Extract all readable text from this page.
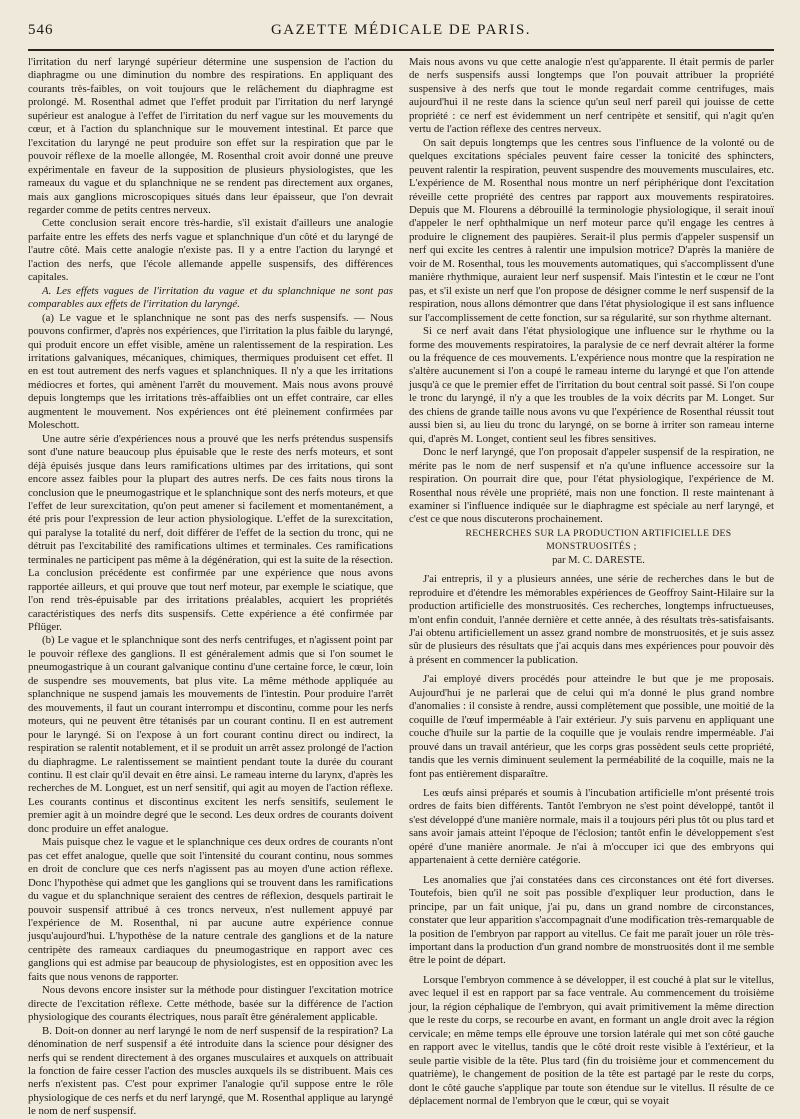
546	GAZETTE MÉDICALE DE PARIS.

l'irritation du nerf laryngé supérieur détermine une suspension de l'action du diaphragme ou une diminution du nombre des respirations. En appliquant des courants très-faibles, on voit toujours que le relâchement du diaphragme est prolongé. M. Rosenthal admet que l'effet produit par l'irritation du nerf laryngé supérieur est analogue à l'effet de l'irritation du nerf vague sur les mouvements du cœur, et à l'action du splanchnique sur le mouvement intestinal. Et parce que l'excitation du laryngé ne peut produire son effet sur la respiration que par le pouvoir réflexe de la moelle allongée, M. Rosenthal croit avoir donné une preuve expérimentale en faveur de la supposition de plusieurs physiologistes, que les rameaux du vague et du splanchnique ne se rendent pas directement aux organes, mais aux ganglions microscopiques situés dans leur épaisseur, que l'on devrait regarder comme de petits centres nerveux.

Cette conclusion serait encore très-hardie, s'il existait d'ailleurs une analogie parfaite entre les effets des nerfs vague et splanchnique d'un côté et du laryngé de l'autre côté. Mais cette analogie n'existe pas. Il y a entre l'action du laryngé et l'action des nerfs, que l'école allemande appelle suspensifs, des différences capitales.

A. Les effets vagues de l'irritation du vague et du splanchnique ne sont pas comparables aux effets de l'irritation du laryngé.

(a) Le vague et le splanchnique ne sont pas des nerfs suspensifs. — Nous pouvons confirmer, d'après nos expériences, que l'irritation la plus faible du laryngé, qui produit encore un effet visible, amène un ralentissement de la respiration. Les irritations galvaniques, mécaniques, chimiques, thermiques produisent cet effet. Il en est tout autrement des nerfs vagues et splanchniques. Il n'y a que les irritations médiocres et fortes, qui amènent l'arrêt du mouvement. Mais nous avons prouvé depuis longtemps que les irritations très-affaiblies ont un effet contraire, car elles augmentent le mouvement. Nos expériences ont été pleinement confirmées par Moleschott.

Une autre série d'expériences nous a prouvé que les nerfs prétendus suspensifs sont d'une nature beaucoup plus épuisable que le reste des nerfs moteurs, et sont déjà épuisés jusque dans leurs ramifications ultimes par des irritations, qui sont encore assez faibles pour la plupart des autres nerfs. De ces faits nous tirons la conclusion que le pneumogastrique et le splanchnique sont des nerfs moteurs, et que l'effet de leur surexcitation, qu'on peut amener si facilement et momentanément, a été pris pour l'expression de leur action physiologique. L'effet de la surexcitation, qui paralyse la totalité du nerf, doit différer de l'effet de la section du tronc, qui ne détruit pas l'excitabilité des ramifications ultimes et terminales. Ces ramifications terminales ne participent pas même à la dégénération, qui est la suite de la résection. La conclusion précédente est confirmée par une expérience que nous avons rapportée ailleurs, et qui prouve que tout nerf moteur, par exemple le sciatique, que l'on rend très-épuisable par des irritations préalables, acquiert les propriétés caractéristiques des nerfs dits suspensifs. Cette expérience a été confirmée par Pflüger.

(b) Le vague et le splanchnique sont des nerfs centrifuges, et n'agissent point par le pouvoir réflexe des ganglions. Il est généralement admis que si l'on soumet le pneumogastrique à un courant galvanique continu d'une certaine force, le cœur, loin de suspendre ses mouvements, bat plus vite. La même méthode appliquée au splanchnique ne suspend jamais les mouvements de l'intestin. Pour produire l'arrêt des mouvements, il faut un courant interrompu et discontinu, comme pour les nerfs moteurs, qui ne peuvent être tétanisés par un courant continu. Il en est autrement pour le laryngé. Si on l'expose à un fort courant continu direct ou indirect, la respiration se ralentit notablement, et il se produit un arrêt assez prolongé de l'action du diaphragme. Le ralentissement se maintient pendant toute la durée du courant continu. Il est clair qu'il devait en être ainsi. Le rameau interne du larynx, d'après les recherches de M. Longuet, est un nerf sensitif, qui agit au moyen de l'action réflexe. Les courants continus et discontinus excitent les nerfs sensitifs, seulement le premier agit à un moindre degré que le second. Les deux ordres de courants doivent donc produire un effet analogue.

Mais puisque chez le vague et le splanchnique ces deux ordres de courants n'ont pas cet effet analogue, quelle que soit l'intensité du courant continu, nous sommes en droit de conclure que ces nerfs n'agissent pas au moyen d'une action réflexe. Donc l'hypothèse qui admet que les ganglions qui se trouvent dans les ramifications du vague et du splanchnique seraient des centres de réflexion, desquels partirait le pouvoir suspensif attribué à ces troncs nerveux, n'est nullement appuyé par l'expérience de M. Rosenthal, ni par aucune autre expérience connue jusqu'aujourd'hui. L'hypothèse de la nature centrale des ganglions et de la nature centripète des rameaux cardiaques du pneumogastrique en rapport avec ces ganglions qui est admise par beaucoup de physiologistes, est en opposition avec les faits que nous venons de rapporter.

Nous devons encore insister sur la méthode pour distinguer l'excitation motrice directe de l'excitation réflexe. Cette méthode, basée sur la différence de l'action physiologique des courants électriques, nous paraît être généralement applicable.

B. Doit-on donner au nerf laryngé le nom de nerf suspensif de la respiration? La dénomination de nerf suspensif a été introduite dans la science pour désigner des nerfs qui se rendent directement à des organes musculaires et auxquels on attribuait la fonction de faire cesser l'action des muscles auxquels ils se distribuent. Mais ces nerfs n'existent pas. C'est pour exprimer l'analogie qu'il suppose entre le rôle physiologique de ces nerfs et du nerf laryngé, que M. Rosenthal applique au laryngé le nom de nerf suspensif.

Mais nous avons vu que cette analogie n'est qu'apparente. Il était permis de parler de nerfs suspensifs aussi longtemps que l'on pouvait attribuer la propriété suspensive à des nerfs que tout le monde regardait comme centrifuges, mais aujourd'hui il ne reste dans la science qu'un seul nerf pareil qui jouisse de cette propriété : ce nerf est évidemment un nerf centripète et sensitif, qui n'agit qu'en vertu de l'action réflexe des centres nerveux.

On sait depuis longtemps que les centres sous l'influence de la volonté ou de quelques excitations spéciales peuvent faire cesser la tonicité des sphincters, peuvent ralentir la respiration, peuvent suspendre des mouvements musculaires, etc. L'expérience de M. Rosenthal nous montre un nerf périphérique dont l'excitation réveille cette propriété des centres par rapport aux mouvements respiratoires. Depuis que M. Flourens a débrouillé la terminologie physiologique, il serait inouï d'appeler le nerf ophthalmique un nerf moteur parce qu'il engage les centres à produire le clignement des paupières. Serait-il plus permis d'appeler suspensif un nerf qui excite les centres à ralentir une impulsion motrice? D'après la manière de voir de M. Rosenthal, tous les mouvements automatiques, qui s'accomplissent d'une manière rhythmique, auraient leur nerf suspensif. Mais l'intestin et le cœur ne l'ont pas, et s'il existe un nerf que l'on propose de désigner comme le nerf suspensif de la respiration, nous allons démontrer que dans l'état physiologique il est sans influence sur l'accomplissement de cette fonction, sur sa régularité, sur son rhythme alternant.

Si ce nerf avait dans l'état physiologique une influence sur le rhythme ou la forme des mouvements respiratoires, la paralysie de ce nerf devrait altérer la forme ou la fréquence de ces mouvements. L'expérience nous montre que la respiration ne s'altère aucunement si l'on a coupé le rameau interne du laryngé et que l'on attende jusqu'à ce que le premier effet de l'irritation du bout central soit passé. Si l'on coupe le tronc du laryngé, il n'y a que les troubles de la voix décrits par M. Longet. Sur des chiens de grande taille nous avons vu que l'expérience de Rosenthal réussit tout aussi bien si, au lieu du tronc du laryngé, on se borne à irriter son rameau interne qui, d'après M. Longet, contient seul les fibres sensitives.

Donc le nerf laryngé, que l'on proposait d'appeler suspensif de la respiration, ne mérite pas le nom de nerf suspensif et n'a qu'une influence accessoire sur la respiration. On pourrait dire que, pour l'état physiologique, l'expérience de M. Rosenthal nous révèle une propriété, mais non une fonction. Il reste maintenant à examiner si l'influence indiquée sur le diaphragme est spéciale au nerf laryngé, et c'est ce que nous discuterons prochainement.

RECHERCHES SUR LA PRODUCTION ARTIFICIELLE DES MONSTRUOSITÉS ;

par M. C. DARESTE.

J'ai entrepris, il y a plusieurs années, une série de recherches dans le but de reproduire et d'étendre les mémorables expériences de Geoffroy Saint-Hilaire sur la production artificielle des monstruosités. Ces recherches, longtemps infructueuses, m'ont enfin conduit, l'année dernière et cette année, à des résultats très-satisfaisants. J'ai obtenu artificiellement un assez grand nombre de monstruosités, et je suis assez sûr de plusieurs des résultats que j'ai acquis dans mes expériences pour pouvoir dès à présent en commencer la publication.

J'ai employé divers procédés pour atteindre le but que je me proposais. Aujourd'hui je ne parlerai que de celui qui m'a donné le plus grand nombre d'anomalies : il consiste à rendre, aussi complètement que possible, une moitié de la coquille de l'œuf imperméable à l'air extérieur. J'y suis parvenu en appliquant une couche d'huile sur la partie de la coquille que je voulais rendre imperméable. J'ai prouvé dans un travail antérieur, que les corps gras possèdent seuls cette propriété, tandis que les vernis diminuent seulement la perméabilité de la coquille, mais ne la font pas entièrement disparaître.

Les œufs ainsi préparés et soumis à l'incubation artificielle m'ont présenté trois ordres de faits bien différents. Tantôt l'embryon ne s'est point développé, tantôt il s'est développé d'une manière normale, mais il a toujours péri plus tôt ou plus tard et sans avoir jamais atteint l'époque de l'éclosion; tantôt enfin le développement s'est opéré d'une manière anormale. Je n'ai à m'occuper ici que des embryons qui appartenaient à cette dernière catégorie.

Les anomalies que j'ai constatées dans ces circonstances ont été fort diverses. Toutefois, bien qu'il ne soit pas possible d'expliquer leur production, dans le principe, par un fait unique, j'ai pu, dans un grand nombre de circonstances, constater que leur apparition s'accompagnait d'une modification très-remarquable de la position de l'embryon par rapport au vitellus. Ce fait me paraît jouer un rôle très-important dans la production d'un grand nombre de monstruosités dont il me semble être le point de départ.

Lorsque l'embryon commence à se développer, il est couché à plat sur le vitellus, avec lequel il est en rapport par sa face ventrale. Au commencement du troisième jour, la région céphalique de l'embryon, qui avait primitivement la même direction que le reste du corps, se recourbe en avant, en formant un angle droit avec la région cervicale; en même temps elle éprouve une torsion latérale qui met son côté gauche en rapport avec le vitellus, tandis que le côté droit reste visible à l'extérieur, et la seule partie visible de la tête. Plus tard (fin du troisième jour et commencement du quatrième), le changement de position de la tête est partagé par le reste du corps, dont le côté gauche s'applique par toute son étendue sur le vitellus. Il résulte de ce déplacement normal de l'embryon que le cœur, qui se voyait
